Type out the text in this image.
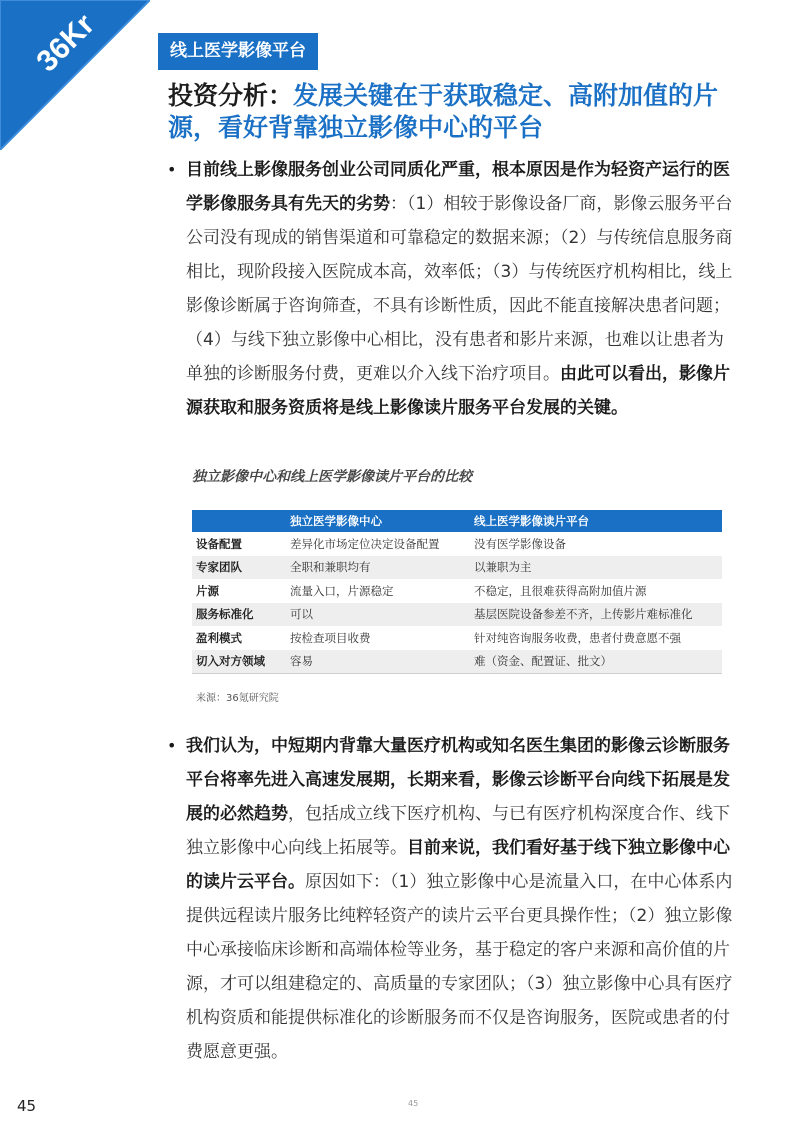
36Kr	线上医学影像平台
投资分析：发展关键在于获取稳定、高附加值的片源，看好背靠独立影像中心的平台
• 目前线上影像服务创业公司同质化严重，根本原因是作为轻资产运行的医学影像服务具有先天的劣势：（1）相较于影像设备厂商，影像云服务平台公司没有现成的销售渠道和可靠稳定的数据来源；（2）与传统信息服务商相比，现阶段接入医院成本高，效率低；（3）与传统医疗机构相比，线上影像诊断属于咨询筛查，不具有诊断性质，因此不能直接解决患者问题；（4）与线下独立影像中心相比，没有患者和影片来源，也难以让患者为单独的诊断服务付费，更难以介入线下治疗项目。由此可以看出，影像片源获取和服务资质将是线上影像读片服务平台发展的关键。
独立影像中心和线上医学影像读片平台的比较
	独立医学影像中心	线上医学影像读片平台
设备配置	差异化市场定位决定设备配置	没有医学影像设备
专家团队	全职和兼职均有	以兼职为主
片源	流量入口，片源稳定	不稳定，且很难获得高附加值片源
服务标准化	可以	基层医院设备参差不齐，上传影片难标准化
盈利模式	按检查项目收费	针对纯咨询服务收费，患者付费意愿不强
切入对方领域	容易	难（资金、配置证、批文）
来源：36氪研究院
• 我们认为，中短期内背靠大量医疗机构或知名医生集团的影像云诊断服务平台将率先进入高速发展期，长期来看，影像云诊断平台向线下拓展是发展的必然趋势，包括成立线下医疗机构、与已有医疗机构深度合作、线下独立影像中心向线上拓展等。目前来说，我们看好基于线下独立影像中心的读片云平台。原因如下：（1）独立影像中心是流量入口，在中心体系内提供远程读片服务比纯粹轻资产的读片云平台更具操作性；（2）独立影像中心承接临床诊断和高端体检等业务，基于稳定的客户来源和高价值的片源，才可以组建稳定的、高质量的专家团队；（3）独立影像中心具有医疗机构资质和能提供标准化的诊断服务而不仅是咨询服务，医院或患者的付费愿意更强。
45	45
